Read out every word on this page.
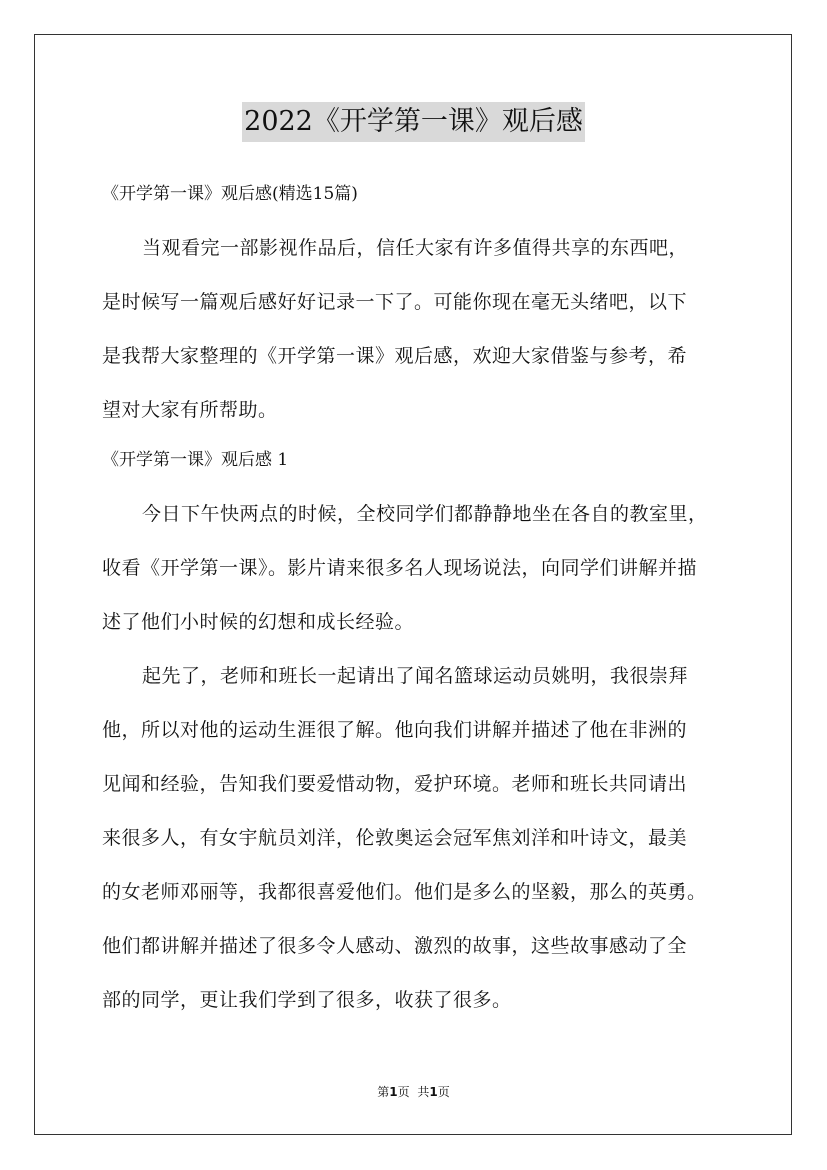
2022《开学第一课》观后感
《开学第一课》观后感(精选15篇)
当观看完一部影视作品后，信任大家有许多值得共享的东西吧，
是时候写一篇观后感好好记录一下了。可能你现在毫无头绪吧，以下
是我帮大家整理的《开学第一课》观后感，欢迎大家借鉴与参考，希
望对大家有所帮助。
《开学第一课》观后感 1
今日下午快两点的时候，全校同学们都静静地坐在各自的教室里，
收看《开学第一课》。影片请来很多名人现场说法，向同学们讲解并描
述了他们小时候的幻想和成长经验。
起先了，老师和班长一起请出了闻名篮球运动员姚明，我很崇拜
他，所以对他的运动生涯很了解。他向我们讲解并描述了他在非洲的
见闻和经验，告知我们要爱惜动物，爱护环境。老师和班长共同请出
来很多人，有女宇航员刘洋，伦敦奥运会冠军焦刘洋和叶诗文，最美
的女老师邓丽等，我都很喜爱他们。他们是多么的坚毅，那么的英勇。
他们都讲解并描述了很多令人感动、激烈的故事，这些故事感动了全
部的同学，更让我们学到了很多，收获了很多。
第1页 共1页
